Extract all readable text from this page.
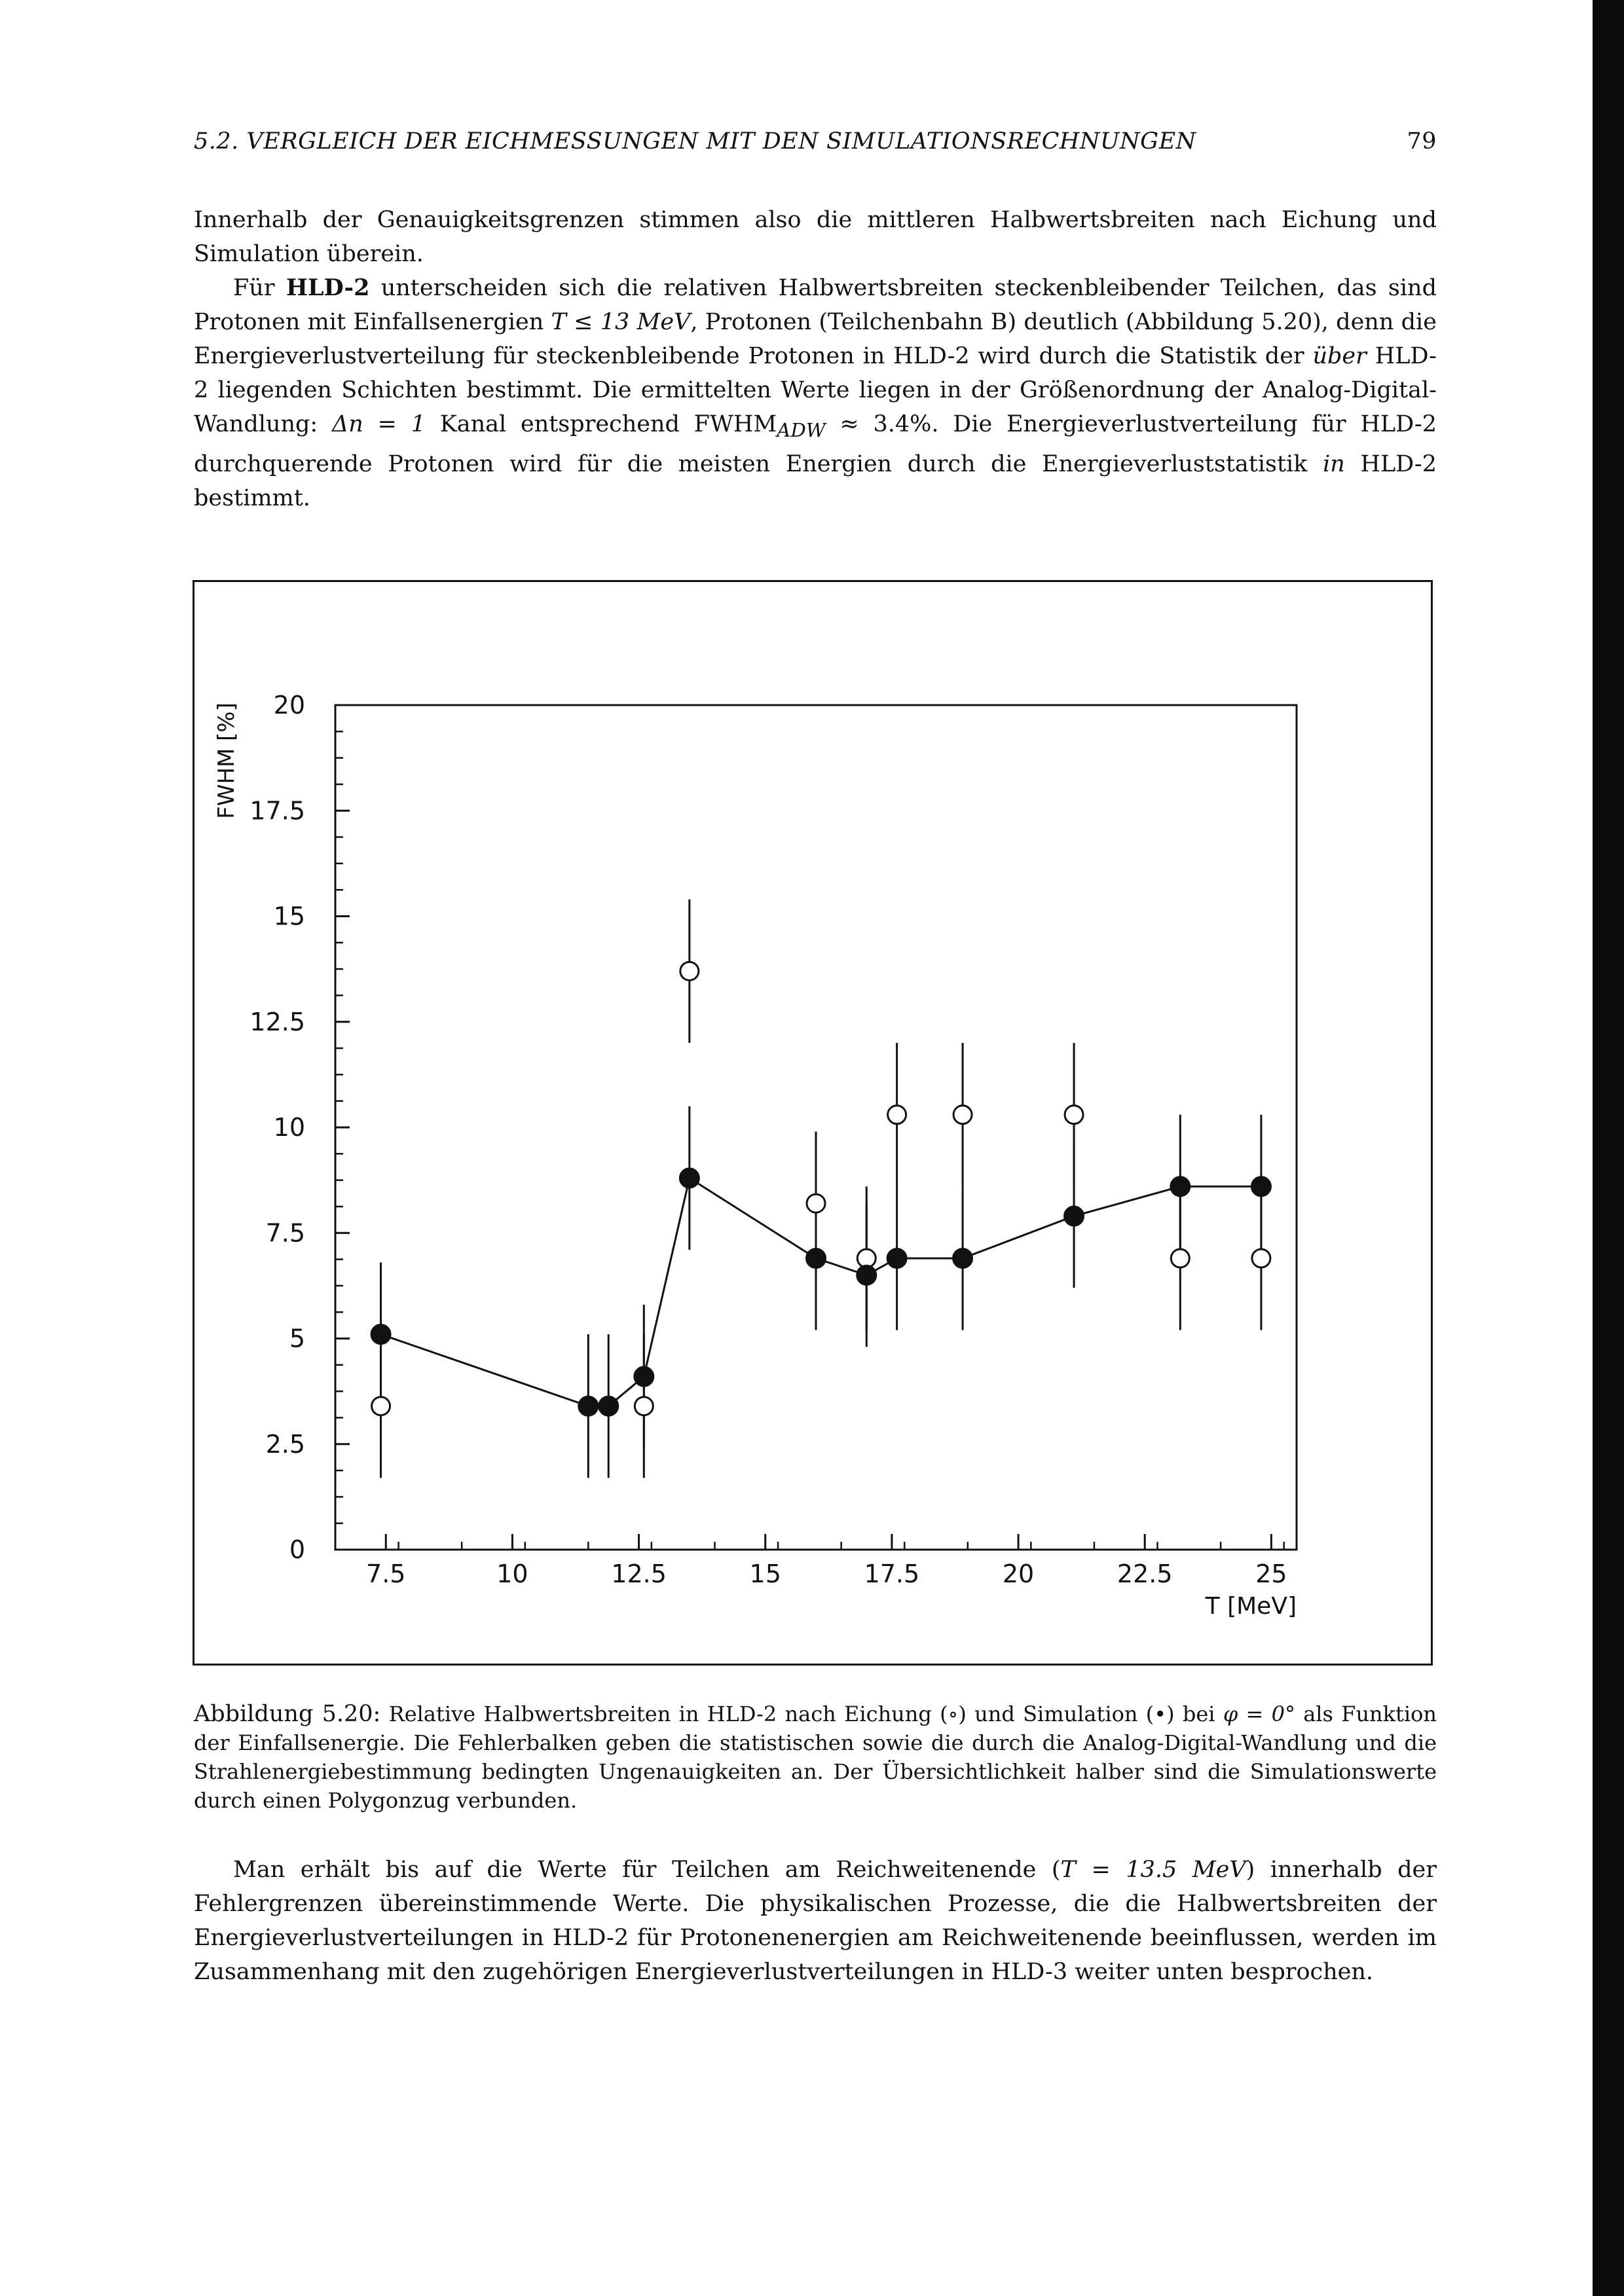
5.2. VERGLEICH DER EICHMESSUNGEN MIT DEN SIMULATIONSRECHNUNGEN	79

Innerhalb der Genauigkeitsgrenzen stimmen also die mittleren Halbwertsbreiten nach Eichung und Simulation überein.

Für HLD-2 unterscheiden sich die relativen Halbwertsbreiten steckenbleibender Teilchen, das sind Protonen mit Einfallsenergien T ≤ 13 MeV, Protonen (Teilchenbahn B) deutlich (Abbildung 5.20), denn die Energieverlustverteilung für steckenbleibende Protonen in HLD-2 wird durch die Statistik der über HLD-2 liegenden Schichten bestimmt. Die ermittelten Werte liegen in der Größenordnung der Analog-Digital-Wandlung: Δn = 1 Kanal entsprechend $FWHM_{ADW} \approx 3.4\%$. Die Energieverlustverteilung für HLD-2 durchquerende Protonen wird für die meisten Energien durch die Energieverluststatistik in HLD-2 bestimmt.

7.5	10	12.5	15	17.5	20	22.5	25
0
2.5
5
7.5
10
12.5
15
17.5
20
T [MeV]
FWHM [%]

Abbildung 5.20: Relative Halbwertsbreiten in HLD-2 nach Eichung (∘) und Simulation (•) bei φ = 0° als Funktion der Einfallsenergie. Die Fehlerbalken geben die statistischen sowie die durch die Analog-Digital-Wandlung und die Strahlenergiebestimmung bedingten Ungenauigkeiten an. Der Übersichtlichkeit halber sind die Simulationswerte durch einen Polygonzug verbunden.

Man erhält bis auf die Werte für Teilchen am Reichweitenende (T = 13.5 MeV) innerhalb der Fehlergrenzen übereinstimmende Werte. Die physikalischen Prozesse, die die Halbwertsbreiten der Energieverlustverteilungen in HLD-2 für Protonenenergien am Reichweitenende beeinflussen, werden im Zusammenhang mit den zugehörigen Energieverlustverteilungen in HLD-3 weiter unten besprochen.
